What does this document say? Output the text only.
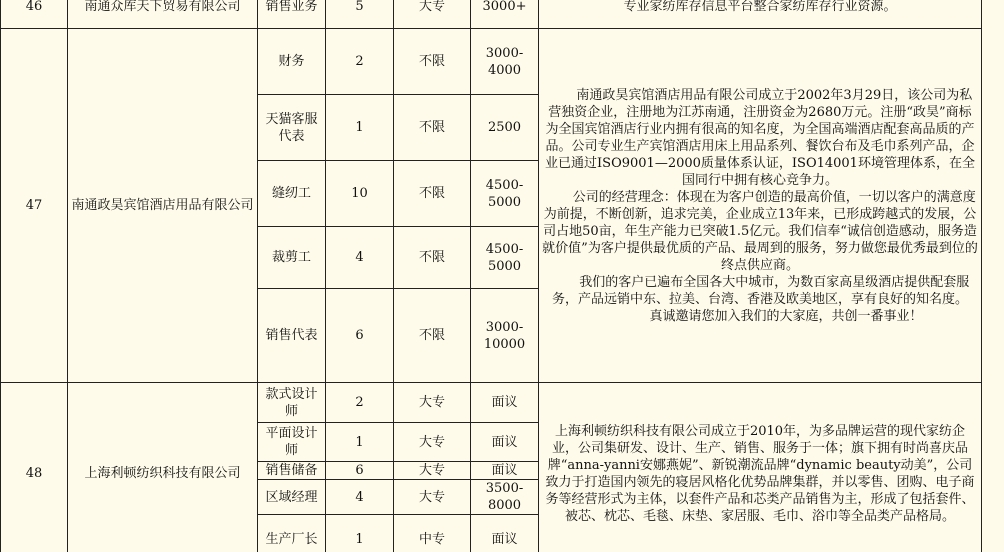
46	南通众库天下贸易有限公司	销售业务	5	大专	3000+	专业家纺库存信息平台整合家纺库存行业资源。

47	南通政昊宾馆酒店用品有限公司	财务	2	不限	3000-4000	南通政昊宾馆酒店用品有限公司成立于2002年3月29日，该公司为私营独资企业，注册地为江苏南通，注册资金为2680万元。注册“政昊”商标为全国宾馆酒店行业内拥有很高的知名度，为全国高端酒店配套高品质的产品。公司专业生产宾馆酒店用床上用品系列、餐饮台布及毛巾系列产品，企业已通过ISO9001—2000质量体系认证，ISO14001环境管理体系，在全国同行中拥有核心竞争力。

公司的经营理念：体现在为客户创造的最高价值，一切以客户的满意度为前提，不断创新，追求完美，企业成立13年来，已形成跨越式的发展，公司占地50亩，年生产能力已突破1.5亿元。我们信奉“诚信创造感动，服务造就价值”为客户提供最优质的产品、最周到的服务，努力做您最优秀最到位的终点供应商。

我们的客户已遍布全国各大中城市，为数百家高星级酒店提供配套服务，产品远销中东、拉美、台湾、香港及欧美地区，享有良好的知名度。

真诚邀请您加入我们的大家庭，共创一番事业！

		天猫客服代表	1	不限	2500	
		缝纫工	10	不限	4500-5000	
		裁剪工	4	不限	4500-5000	
		销售代表	6	不限	3000-10000	
48	上海利顿纺织科技有限公司	款式设计师	2	大专	面议	上海利顿纺织科技有限公司成立于2010年，为多品牌运营的现代家纺企业，公司集研发、设计、生产、销售、服务于一体；旗下拥有时尚喜庆品牌“anna-yanni安娜燕妮”、新锐潮流品牌“dynamic beauty动美”，公司致力于打造国内领先的寝居风格化优势品牌集群，并以零售、团购、电子商务等经营形式为主体，以套件产品和芯类产品销售为主，形成了包括套件、被芯、枕芯、毛毯、床垫、家居服、毛巾、浴巾等全品类产品格局。

		平面设计师	1	大专	面议	
		销售储备	6	大专	面议	
		区域经理	4	大专	3500-8000	
		生产厂长	1	中专	面议	
